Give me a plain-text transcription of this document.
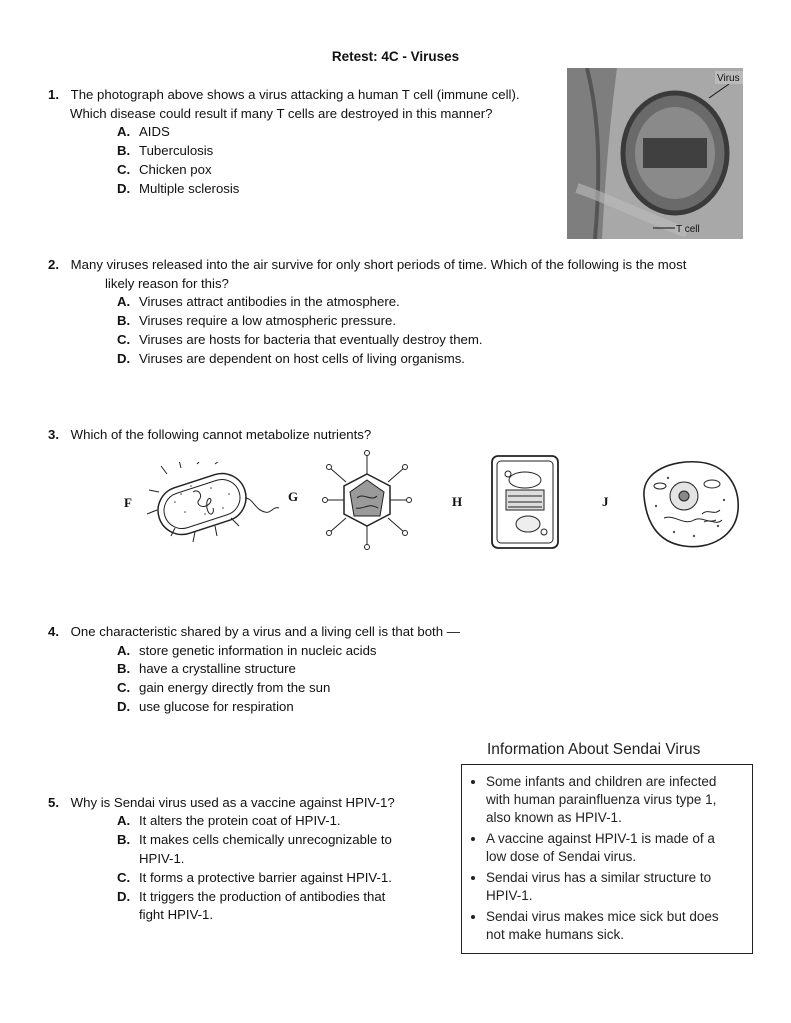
Retest: 4C - Viruses
Virus
T cell
1. The photograph above shows a virus attacking a human T cell (immune cell).
Which disease could result if many T cells are destroyed in this manner?
A. AIDS
B. Tuberculosis
C. Chicken pox
D. Multiple sclerosis
2. Many viruses released into the air survive for only short periods of time. Which of the following is the most
likely reason for this?
A. Viruses attract antibodies in the atmosphere.
B. Viruses require a low atmospheric pressure.
C. Viruses are hosts for bacteria that eventually destroy them.
D. Viruses are dependent on host cells of living organisms.
3. Which of the following cannot metabolize nutrients?
F	G	H	J
4. One characteristic shared by a virus and a living cell is that both —
A. store genetic information in nucleic acids
B. have a crystalline structure
C. gain energy directly from the sun
D. use glucose for respiration
Information About Sendai Virus
• Some infants and children are infected
with human parainfluenza virus type 1,
also known as HPIV-1.
• A vaccine against HPIV-1 is made of a
low dose of Sendai virus.
• Sendai virus has a similar structure to
HPIV-1.
• Sendai virus makes mice sick but does
not make humans sick.
5. Why is Sendai virus used as a vaccine against HPIV-1?
A. It alters the protein coat of HPIV-1.
B. It makes cells chemically unrecognizable to
HPIV-1.
C. It forms a protective barrier against HPIV-1.
D. It triggers the production of antibodies that
fight HPIV-1.
